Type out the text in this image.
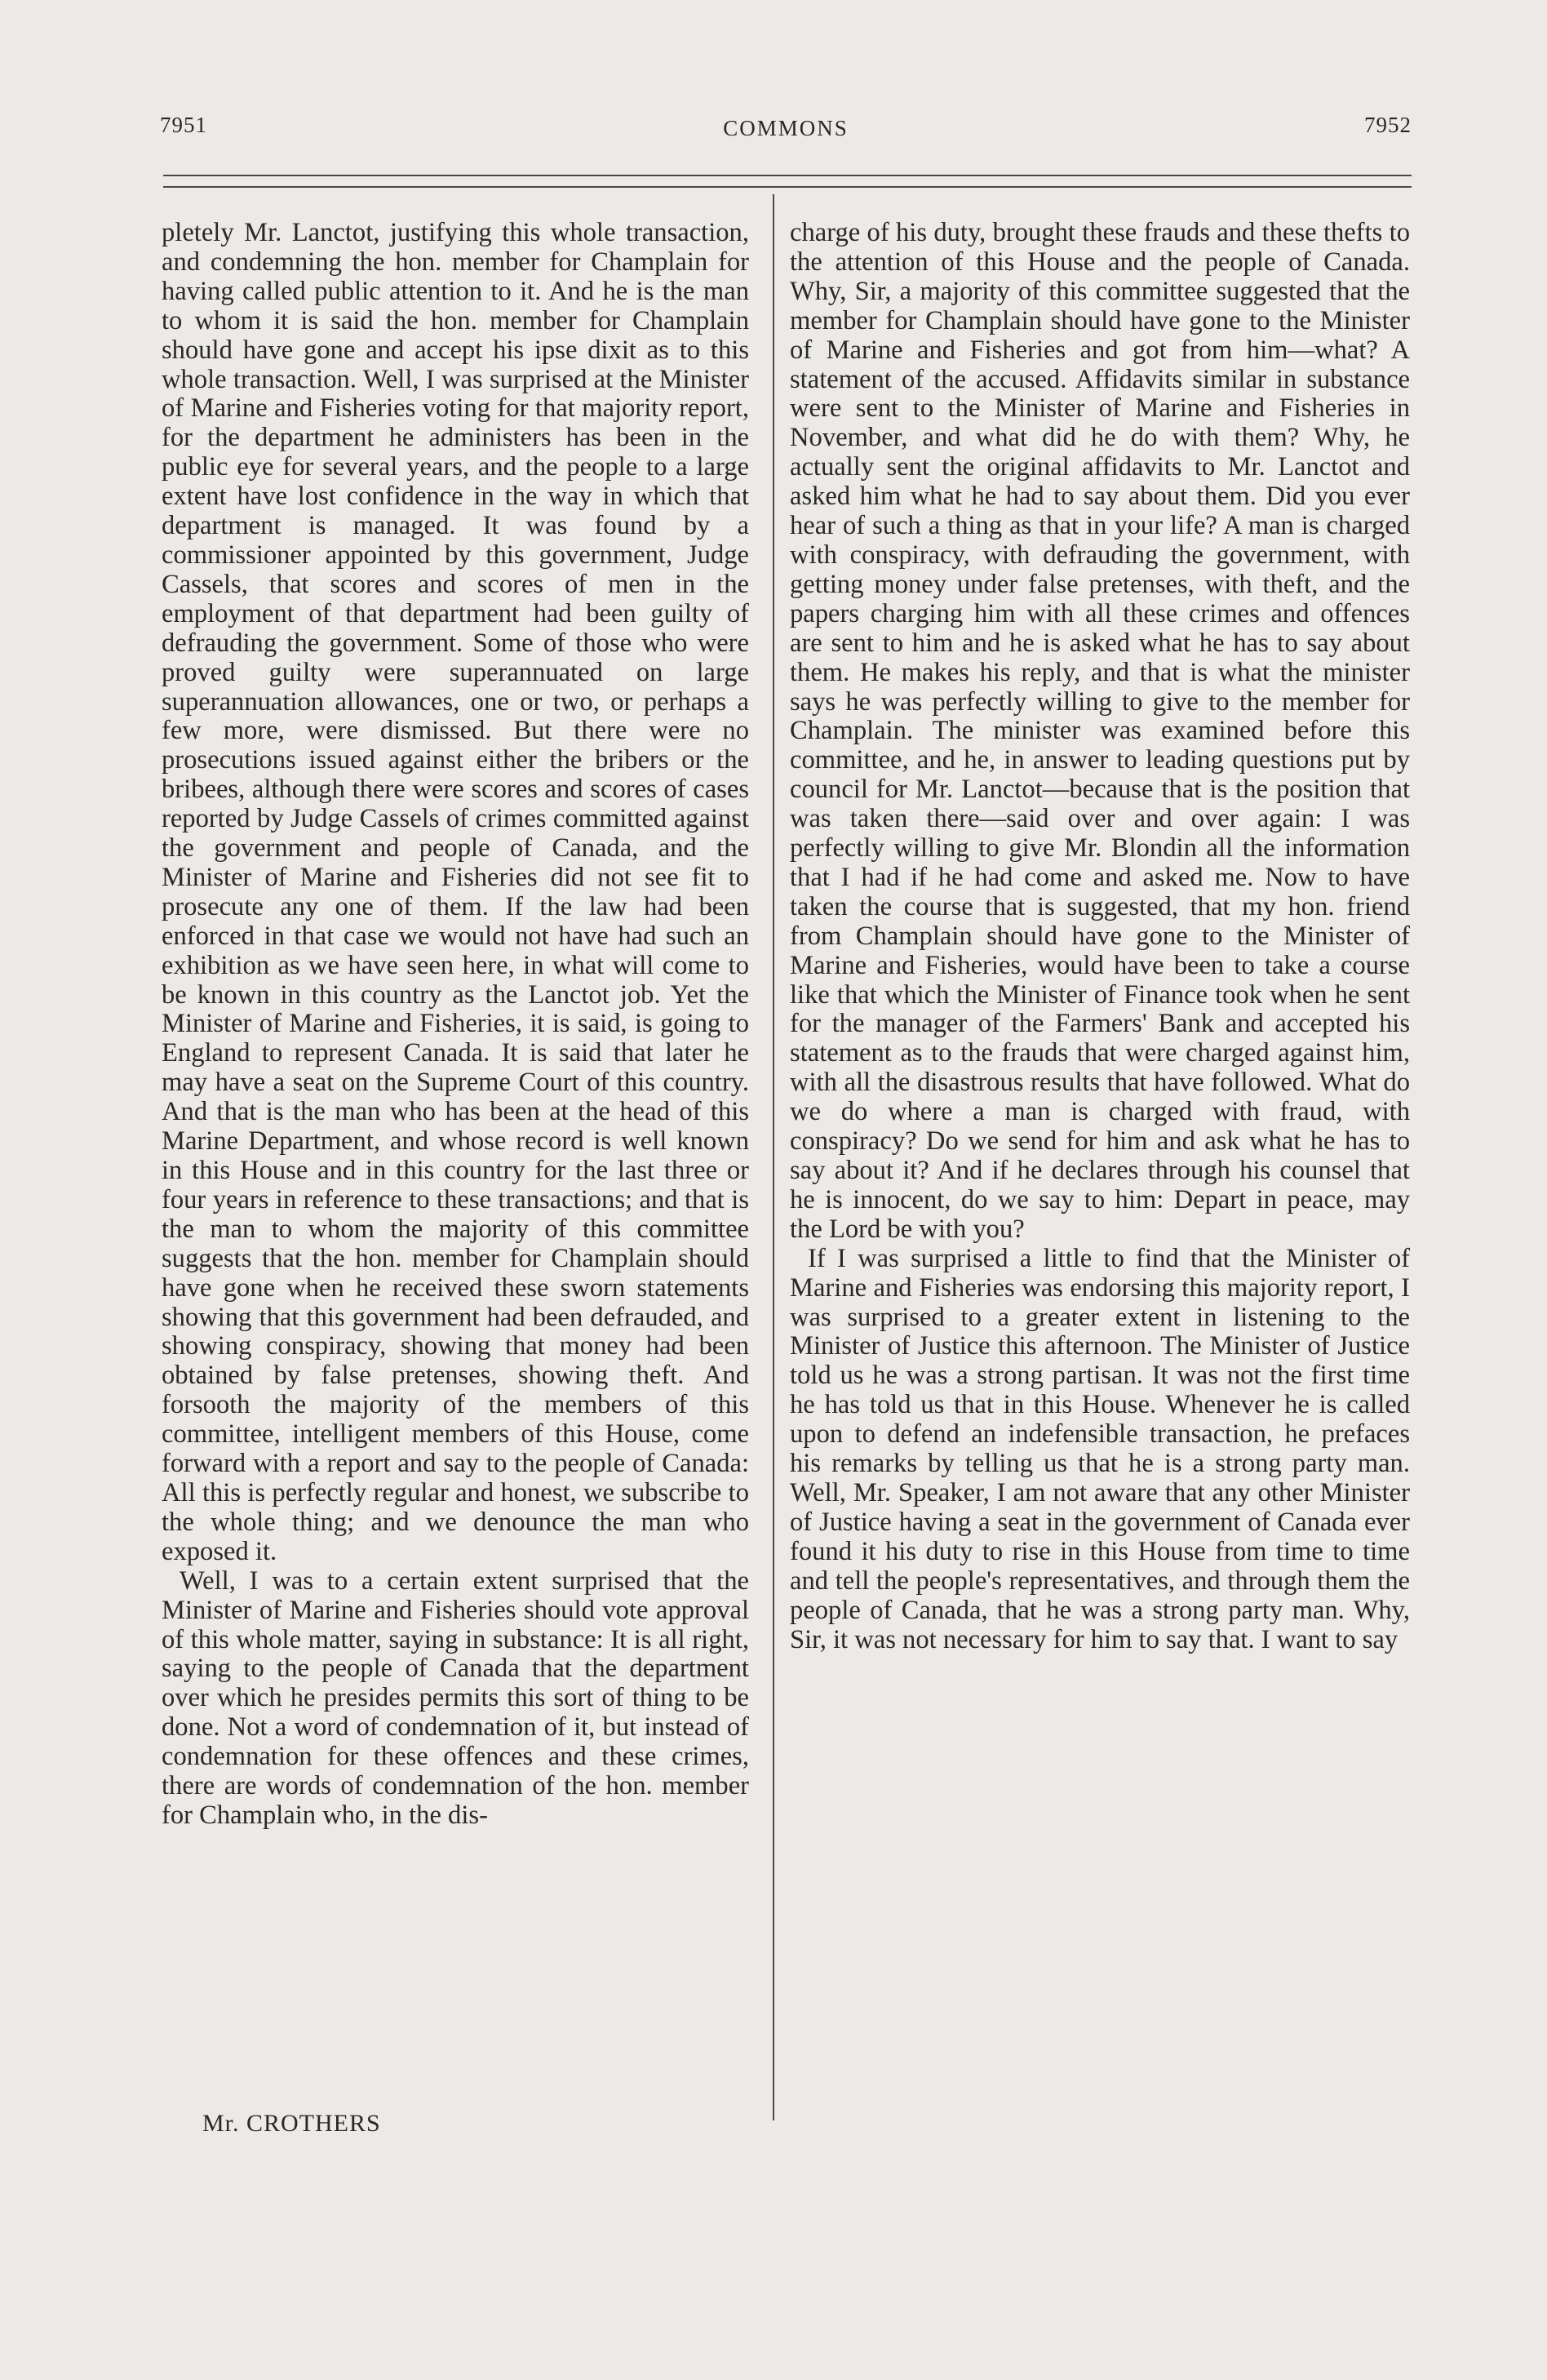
7951	COMMONS	7952

pletely Mr. Lanctot, justifying this whole transaction, and condemning the hon. member for Champlain for having called public attention to it. And he is the man to whom it is said the hon. member for Champlain should have gone and accept his ipse dixit as to this whole transaction. Well, I was surprised at the Minister of Marine and Fisheries voting for that majority report, for the department he administers has been in the public eye for several years, and the people to a large extent have lost confidence in the way in which that department is managed. It was found by a commissioner appointed by this government, Judge Cassels, that scores and scores of men in the employment of that department had been guilty of defrauding the government. Some of those who were proved guilty were superannuated on large superannuation allowances, one or two, or perhaps a few more, were dismissed. But there were no prosecutions issued against either the bribers or the bribees, although there were scores and scores of cases reported by Judge Cassels of crimes committed against the government and people of Canada, and the Minister of Marine and Fisheries did not see fit to prosecute any one of them. If the law had been enforced in that case we would not have had such an exhibition as we have seen here, in what will come to be known in this country as the Lanctot job. Yet the Minister of Marine and Fisheries, it is said, is going to England to represent Canada. It is said that later he may have a seat on the Supreme Court of this country. And that is the man who has been at the head of this Marine Department, and whose record is well known in this House and in this country for the last three or four years in reference to these transactions; and that is the man to whom the majority of this committee suggests that the hon. member for Champlain should have gone when he received these sworn statements showing that this government had been defrauded, and showing conspiracy, showing that money had been obtained by false pretenses, showing theft. And forsooth the majority of the members of this committee, intelligent members of this House, come forward with a report and say to the people of Canada: All this is perfectly regular and honest, we subscribe to the whole thing; and we denounce the man who exposed it.

Well, I was to a certain extent surprised that the Minister of Marine and Fisheries should vote approval of this whole matter, saying in substance: It is all right, saying to the people of Canada that the department over which he presides permits this sort of thing to be done. Not a word of condemnation of it, but instead of condemnation for these offences and these crimes, there are words of condemnation of the hon. member for Champlain who, in the dis-

charge of his duty, brought these frauds and these thefts to the attention of this House and the people of Canada. Why, Sir, a majority of this committee suggested that the member for Champlain should have gone to the Minister of Marine and Fisheries and got from him—what? A statement of the accused. Affidavits similar in substance were sent to the Minister of Marine and Fisheries in November, and what did he do with them? Why, he actually sent the original affidavits to Mr. Lanctot and asked him what he had to say about them. Did you ever hear of such a thing as that in your life? A man is charged with conspiracy, with defrauding the government, with getting money under false pretenses, with theft, and the papers charging him with all these crimes and offences are sent to him and he is asked what he has to say about them. He makes his reply, and that is what the minister says he was perfectly willing to give to the member for Champlain. The minister was examined before this committee, and he, in answer to leading questions put by council for Mr. Lanctot—because that is the position that was taken there—said over and over again: I was perfectly willing to give Mr. Blondin all the information that I had if he had come and asked me. Now to have taken the course that is suggested, that my hon. friend from Champlain should have gone to the Minister of Marine and Fisheries, would have been to take a course like that which the Minister of Finance took when he sent for the manager of the Farmers' Bank and accepted his statement as to the frauds that were charged against him, with all the disastrous results that have followed. What do we do where a man is charged with fraud, with conspiracy? Do we send for him and ask what he has to say about it? And if he declares through his counsel that he is innocent, do we say to him: Depart in peace, may the Lord be with you?

If I was surprised a little to find that the Minister of Marine and Fisheries was endorsing this majority report, I was surprised to a greater extent in listening to the Minister of Justice this afternoon. The Minister of Justice told us he was a strong partisan. It was not the first time he has told us that in this House. Whenever he is called upon to defend an indefensible transaction, he prefaces his remarks by telling us that he is a strong party man. Well, Mr. Speaker, I am not aware that any other Minister of Justice having a seat in the government of Canada ever found it his duty to rise in this House from time to time and tell the people's representatives, and through them the people of Canada, that he was a strong party man. Why, Sir, it was not necessary for him to say that. I want to say

Mr. CROTHERS
